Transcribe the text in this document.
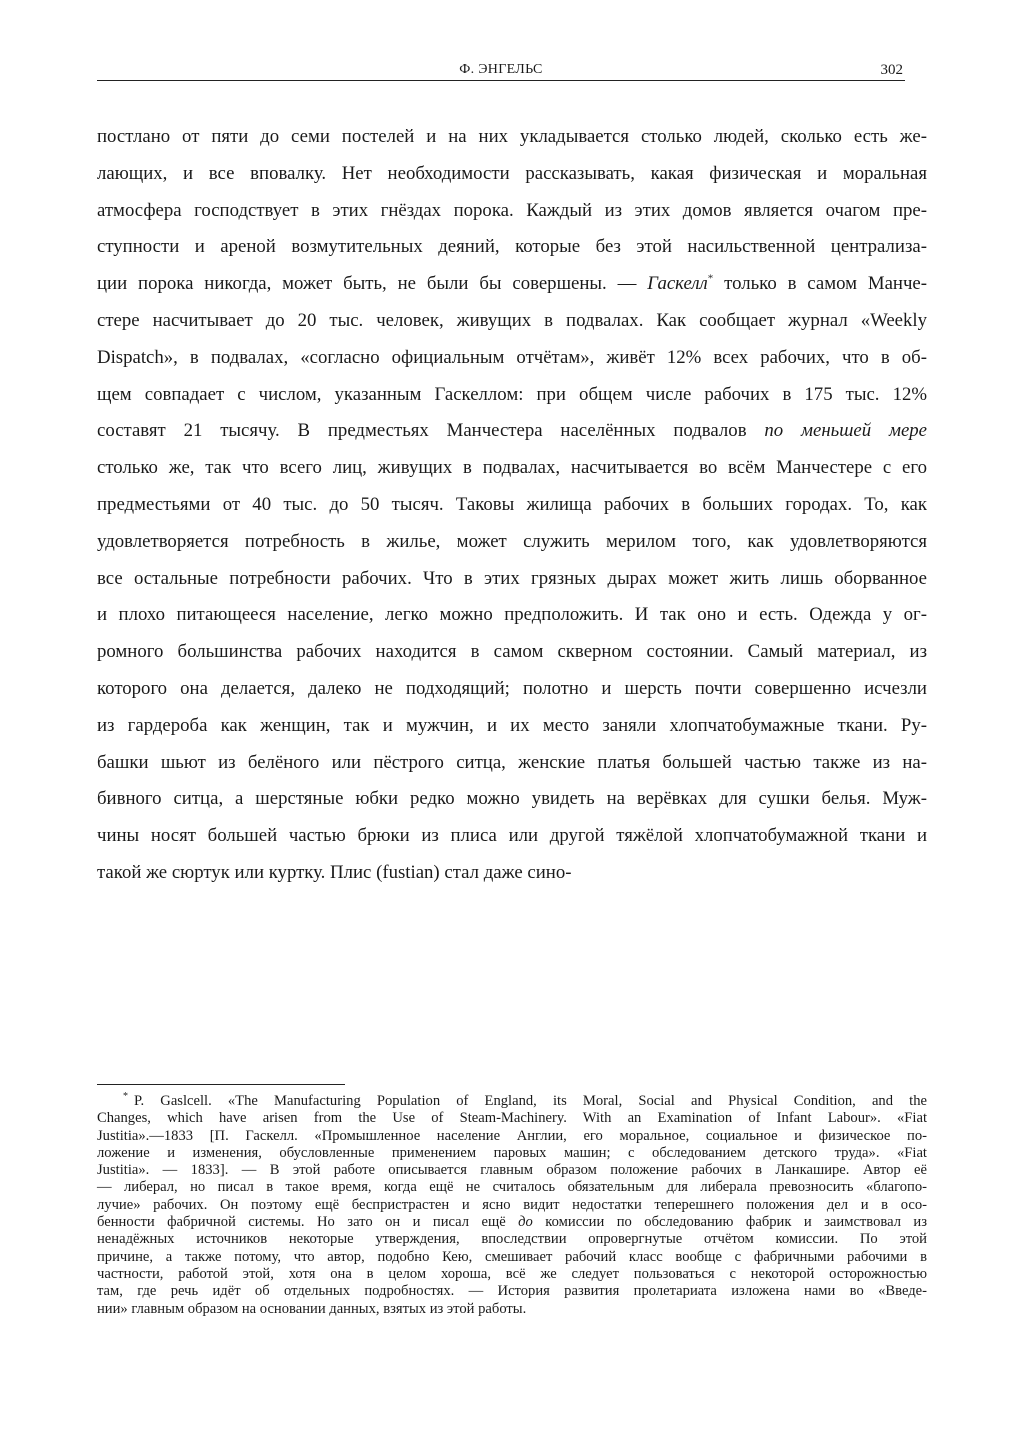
Ф. ЭНГЕЛЬС	302
постлано от пяти до семи постелей и на них укладывается столько людей, сколько есть же-
лающих, и все вповалку. Нет необходимости рассказывать, какая физическая и моральная
атмосфера господствует в этих гнёздах порока. Каждый из этих домов является очагом пре-
ступности и ареной возмутительных деяний, которые без этой насильственной централиза-
ции порока никогда, может быть, не были бы совершены. — Гаскелл* только в самом Манче-
стере насчитывает до 20 тыс. человек, живущих в подвалах. Как сообщает журнал «Weekly
Dispatch», в подвалах, «согласно официальным отчётам», живёт 12% всех рабочих, что в об-
щем совпадает с числом, указанным Гаскеллом: при общем числе рабочих в 175 тыс. 12%
составят 21 тысячу. В предместьях Манчестера населённых подвалов по меньшей мере
столько же, так что всего лиц, живущих в подвалах, насчитывается во всём Манчестере с его
предместьями от 40 тыс. до 50 тысяч. Таковы жилища рабочих в больших городах. То, как
удовлетворяется потребность в жилье, может служить мерилом того, как удовлетворяются
все остальные потребности рабочих. Что в этих грязных дырах может жить лишь оборванное
и плохо питающееся население, легко можно предположить. И так оно и есть. Одежда у ог-
ромного большинства рабочих находится в самом скверном состоянии. Самый материал, из
которого она делается, далеко не подходящий; полотно и шерсть почти совершенно исчезли
из гардероба как женщин, так и мужчин, и их место заняли хлопчатобумажные ткани. Ру-
башки шьют из белёного или пёстрого ситца, женские платья большей частью также из на-
бивного ситца, а шерстяные юбки редко можно увидеть на верёвках для сушки белья. Муж-
чины носят большей частью брюки из плиса или другой тяжёлой хлопчатобумажной ткани и
такой же сюртук или куртку. Плис (fustian) стал даже сино-
* P. Gaslcell. «The Manufacturing Population of England, its Moral, Social and Physical Condition, and the
Changes, which have arisen from the Use of Steam-Machinery. With an Examination of Infant Labour». «Fiat
Justitia».—1833 [П. Гаскелл. «Промышленное население Англии, его моральное, социальное и физическое по-
ложение и изменения, обусловленные применением паровых машин; с обследованием детского труда». «Fiat
Justitia». — 1833]. — В этой работе описывается главным образом положение рабочих в Ланкашире. Автор её
— либерал, но писал в такое время, когда ещё не считалось обязательным для либерала превозносить «благопо-
лучие» рабочих. Он поэтому ещё беспристрастен и ясно видит недостатки теперешнего положения дел и в осо-
бенности фабричной системы. Но зато он и писал ещё до комиссии по обследованию фабрик и заимствовал из
ненадёжных источников некоторые утверждения, впоследствии опровергнутые отчётом комиссии. По этой
причине, а также потому, что автор, подобно Кею, смешивает рабочий класс вообще с фабричными рабочими в
частности, работой этой, хотя она в целом хороша, всё же следует пользоваться с некоторой осторожностью
там, где речь идёт об отдельных подробностях. — История развития пролетариата изложена нами во «Введе-
нии» главным образом на основании данных, взятых из этой работы.
